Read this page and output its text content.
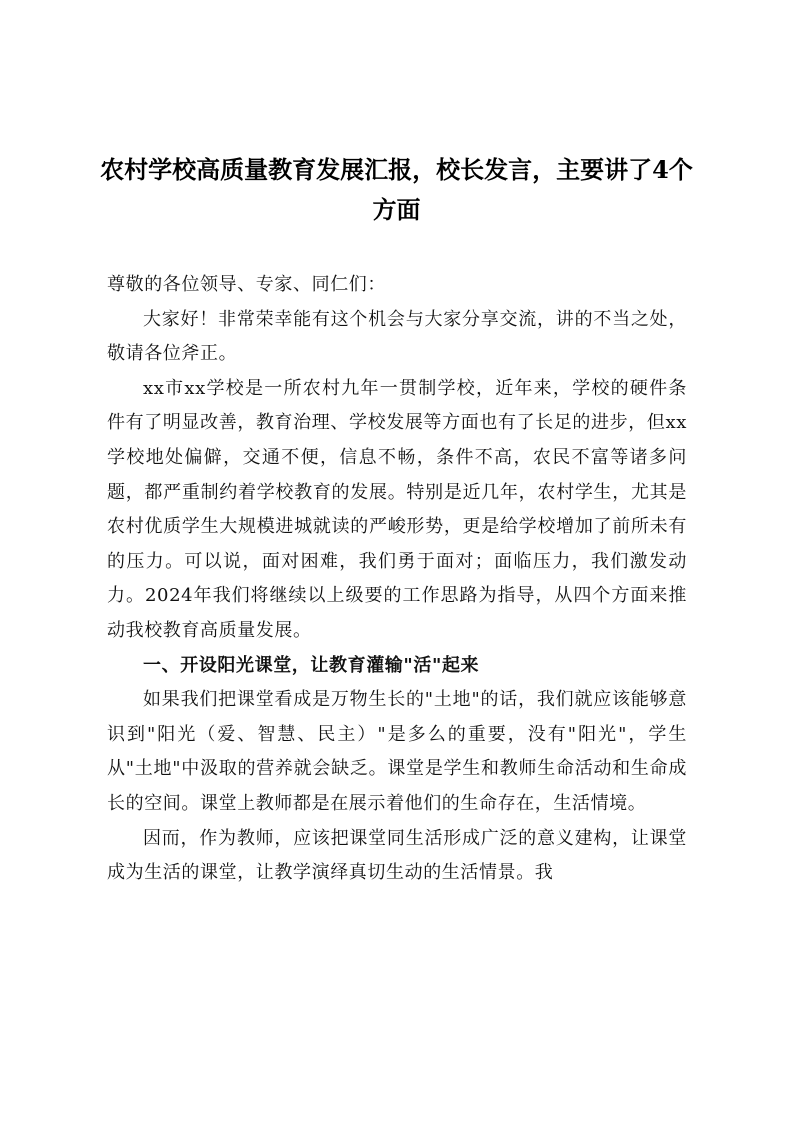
农村学校高质量教育发展汇报，校长发言，主要讲了4个方面

尊敬的各位领导、专家、同仁们：

大家好！非常荣幸能有这个机会与大家分享交流，讲的不当之处，敬请各位斧正。

xx市xx学校是一所农村九年一贯制学校，近年来，学校的硬件条件有了明显改善，教育治理、学校发展等方面也有了长足的进步，但xx学校地处偏僻，交通不便，信息不畅，条件不高，农民不富等诸多问题，都严重制约着学校教育的发展。特别是近几年，农村学生，尤其是农村优质学生大规模进城就读的严峻形势，更是给学校增加了前所未有的压力。可以说，面对困难，我们勇于面对；面临压力，我们激发动力。2024年我们将继续以上级要的工作思路为指导，从四个方面来推动我校教育高质量发展。

一、开设阳光课堂，让教育灌输"活"起来

如果我们把课堂看成是万物生长的"土地"的话，我们就应该能够意识到"阳光（爱、智慧、民主）"是多么的重要，没有"阳光"，学生从"土地"中汲取的营养就会缺乏。课堂是学生和教师生命活动和生命成长的空间。课堂上教师都是在展示着他们的生命存在，生活情境。

因而，作为教师，应该把课堂同生活形成广泛的意义建构，让课堂成为生活的课堂，让教学演绎真切生动的生活情景。我
